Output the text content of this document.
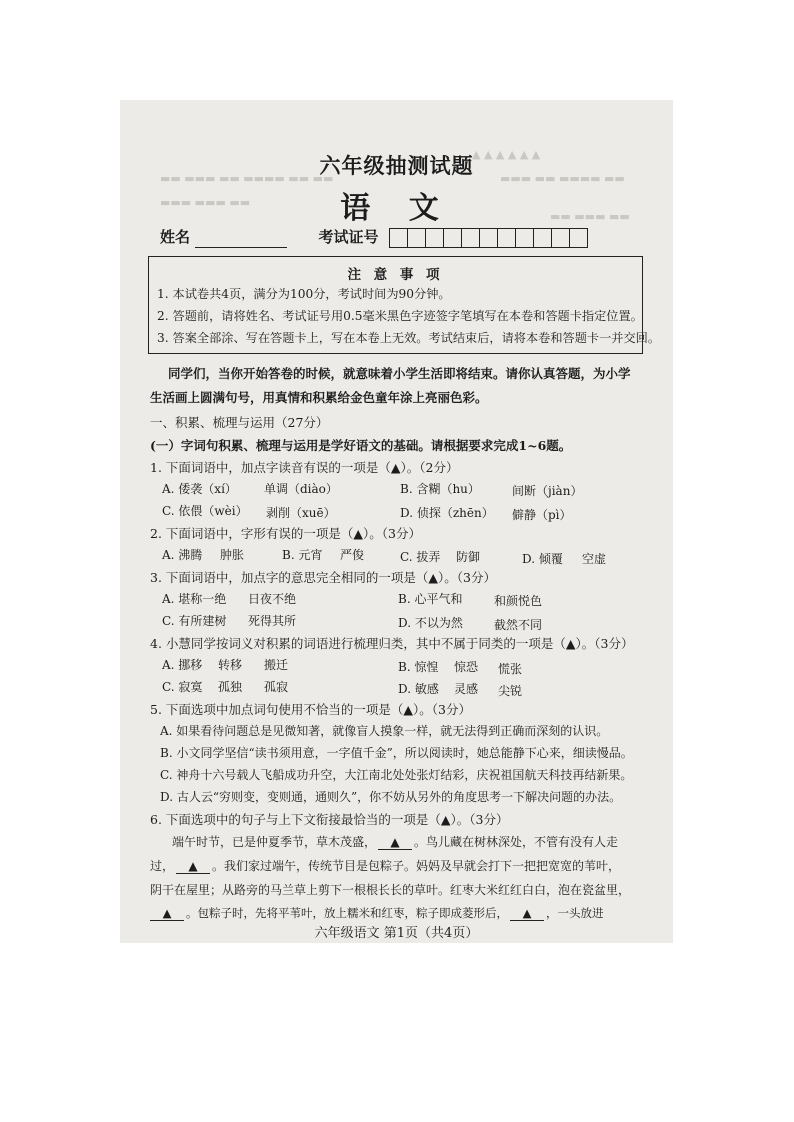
▲ ▲ ▲ ▲ ▲ ▲
▬▬ ▬▬▬ ▬▬ ▬▬▬▬ ▬▬ ▬▬	▬▬▬ ▬▬ ▬▬▬▬ ▬▬
▬▬▬ ▬▬▬ ▬▬
▬▬ ▬▬▬ ▬▬
六年级抽测试题
语 文
姓名	考试证号
注 意 事 项
1. 本试卷共4页，满分为100分，考试时间为90分钟。
2. 答题前，请将姓名、考试证号用0.5毫米黑色字迹签字笔填写在本卷和答题卡指定位置。
3. 答案全部涂、写在答题卡上，写在本卷上无效。考试结束后，请将本卷和答题卡一并交回。
同学们，当你开始答卷的时候，就意味着小学生活即将结束。请你认真答题，为小学
生活画上圆满句号，用真情和积累给金色童年涂上亮丽色彩。
一、积累、梳理与运用（27分）
(一）字词句积累、梳理与运用是学好语文的基础。请根据要求完成1~6题。
1. 下面词语中，加点字读音有误的一项是（▲）。（2分）
A. 倭袭（xí） 单调（diào）	B. 含糊（hu）	间断（jiàn）
C. 依偎（wèi） 剥削（xuē）	D. 侦探（zhēn） 僻静（pì）
2. 下面词语中，字形有误的一项是（▲）。（3分）
A. 沸腾 肿胀	B. 元宵 严俊	C. 拔弄 防御	D. 倾覆 空虚
3. 下面词语中，加点字的意思完全相同的一项是（▲）。（3分）
A. 堪称一绝 日夜不绝	B. 心平气和	和颜悦色
C. 有所建树 死得其所	D. 不以为然	截然不同
4. 小慧同学按词义对积累的词语进行梳理归类，其中不属于同类的一项是（▲）。（3分）
A. 挪移 转移 搬迁	B. 惊惶 惊恐 慌张
C. 寂寞 孤独 孤寂	D. 敏感 灵感 尖锐
5. 下面选项中加点词句使用不恰当的一项是（▲）。（3分）
A. 如果看待问题总是见微知著，就像盲人摸象一样，就无法得到正确而深刻的认识。
B. 小文同学坚信“读书须用意，一字值千金”，所以阅读时，她总能静下心来，细读慢品。
C. 神舟十六号载人飞船成功升空，大江南北处处张灯结彩，庆祝祖国航天科技再结新果。
D. 古人云“穷则变，变则通，通则久”，你不妨从另外的角度思考一下解决问题的办法。
6. 下面选项中的句子与上下文衔接最恰当的一项是（▲）。（3分）
端午时节，已是仲夏季节，草木茂盛， ▲ 。鸟儿藏在树林深处，不管有没有人走
过， ▲ 。我们家过端午，传统节目是包粽子。妈妈及早就会打下一把把宽宽的苇叶，
阴干在屋里；从路旁的马兰草上剪下一根根长长的草叶。红枣大米红红白白，泡在瓷盆里，
▲ 。包粽子时，先将平苇叶，放上糯米和红枣，粽子即成菱形后， ▲ ，一头放进
六年级语文 第1页（共4页）
